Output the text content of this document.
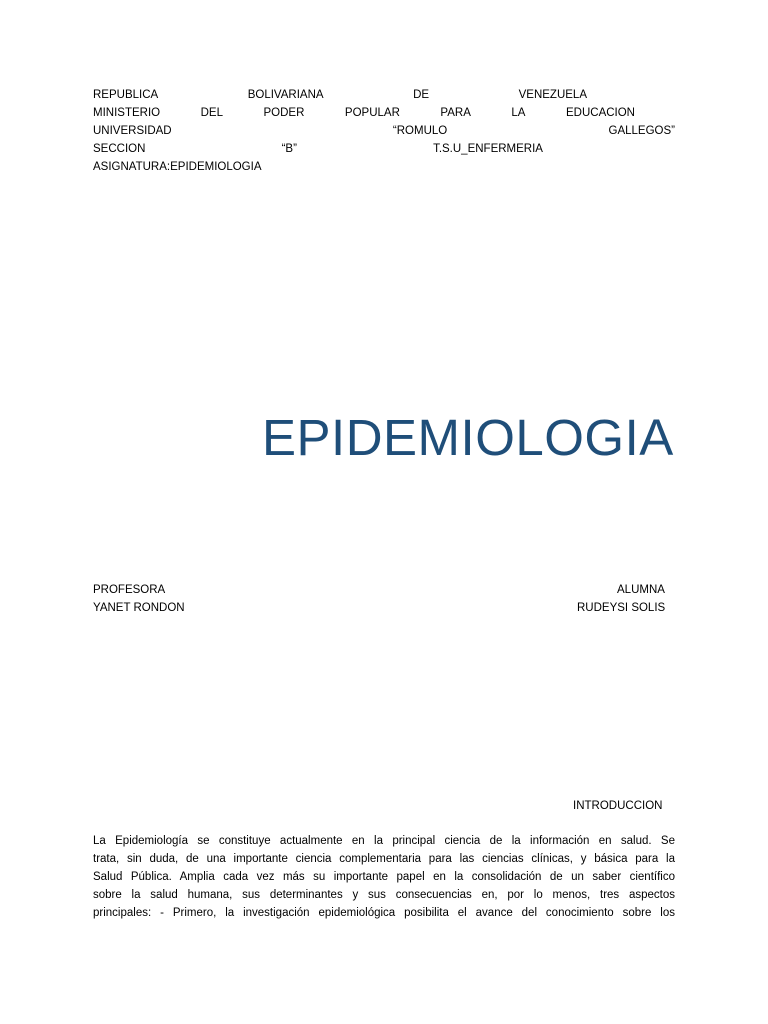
REPUBLICA	BOLIVARIANA	DE	VENEZUELA
MINISTERIO	DEL	PODER	POPULAR	PARA	LA	EDUCACION
UNIVERSIDAD	“ROMULO	GALLEGOS”
SECCION	“B”	T.S.U_ENFERMERIA
ASIGNATURA:EPIDEMIOLOGIA
EPIDEMIOLOGIA
PROFESORA
YANET RONDON
ALUMNA
RUDEYSI SOLIS
INTRODUCCION
La Epidemiología se constituye actualmente en la principal ciencia de la información en salud. Se
trata, sin duda, de una importante ciencia complementaria para las ciencias clínicas, y básica para la
Salud Pública. Amplia cada vez más su importante papel en la consolidación de un saber científico
sobre la salud humana, sus determinantes y sus consecuencias en, por lo menos, tres aspectos
principales: - Primero, la investigación epidemiológica posibilita el avance del conocimiento sobre los
